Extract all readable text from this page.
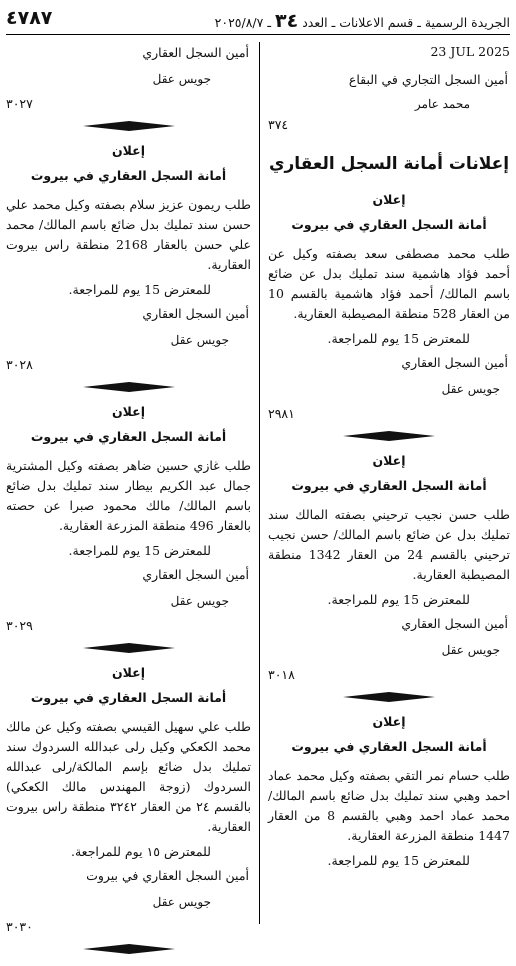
٤٧٨٧	الجريدة الرسمية ـ قسم الاعلانات ـ العدد ٣٤ ـ ٢٠٢٥/٨/٧

23 JUL 2025

أمين السجل التجاري في البقاع

محمد عامر

٣٧٤

إعلانات أمانة السجل العقاري
إعلان
أمانة السجل العقاري في بيروت

طلب محمد مصطفى سعد بصفته وكيل عن أحمد فؤاد هاشمية سند تمليك بدل عن ضائع باسم المالك/ أحمد فؤاد هاشمية بالقسم 10 من العقار 528 منطقة المصيطبة العقارية.

للمعترض 15 يوم للمراجعة.

أمين السجل العقاري

جويس عقل

٢٩٨١

إعلان
أمانة السجل العقاري في بيروت

طلب حسن نجيب ترحيني بصفته المالك سند تمليك بدل عن ضائع باسم المالك/ حسن نجيب ترحيني بالقسم 24 من العقار 1342 منطقة المصيطبة العقارية.

للمعترض 15 يوم للمراجعة.

أمين السجل العقاري

جويس عقل

٣٠١٨

إعلان
أمانة السجل العقاري في بيروت

طلب حسام نمر التقي بصفته وكيل محمد عماد احمد وهبي سند تمليك بدل ضائع باسم المالك/ محمد عماد احمد وهبي بالقسم 8 من العقار 1447 منطقة المزرعة العقارية.

للمعترض 15 يوم للمراجعة.

أمين السجل العقاري

جويس عقل

٣٠٢٧

إعلان
أمانة السجل العقاري في بيروت

طلب ريمون عزيز سلام بصفته وكيل محمد علي حسن سند تمليك بدل ضائع باسم المالك/ محمد علي حسن بالعقار 2168 منطقة راس بيروت العقارية.

للمعترض 15 يوم للمراجعة.

أمين السجل العقاري

جويس عقل

٣٠٢٨

إعلان
أمانة السجل العقاري في بيروت

طلب غازي حسين ضاهر بصفته وكيل المشترية جمال عبد الكريم بيطار سند تمليك بدل ضائع باسم المالك/ مالك محمود صبرا عن حصته بالعقار 496 منطقة المزرعة العقارية.

للمعترض 15 يوم للمراجعة.

أمين السجل العقاري

جويس عقل

٣٠٢٩

إعلان
أمانة السجل العقاري في بيروت

طلب علي سهيل القيسي بصفته وكيل عن مالك محمد الكعكي وكيل رلى عبدالله السردوك سند تمليك بدل ضائع بإسم المالكة/رلى عبدالله السردوك (زوجة المهندس مالك الكعكي) بالقسم ٢٤ من العقار ٣٢٤٢ منطقة راس بيروت العقارية.

للمعترض ١٥ يوم للمراجعة.

أمين السجل العقاري في بيروت

جويس عقل

٣٠٣٠
